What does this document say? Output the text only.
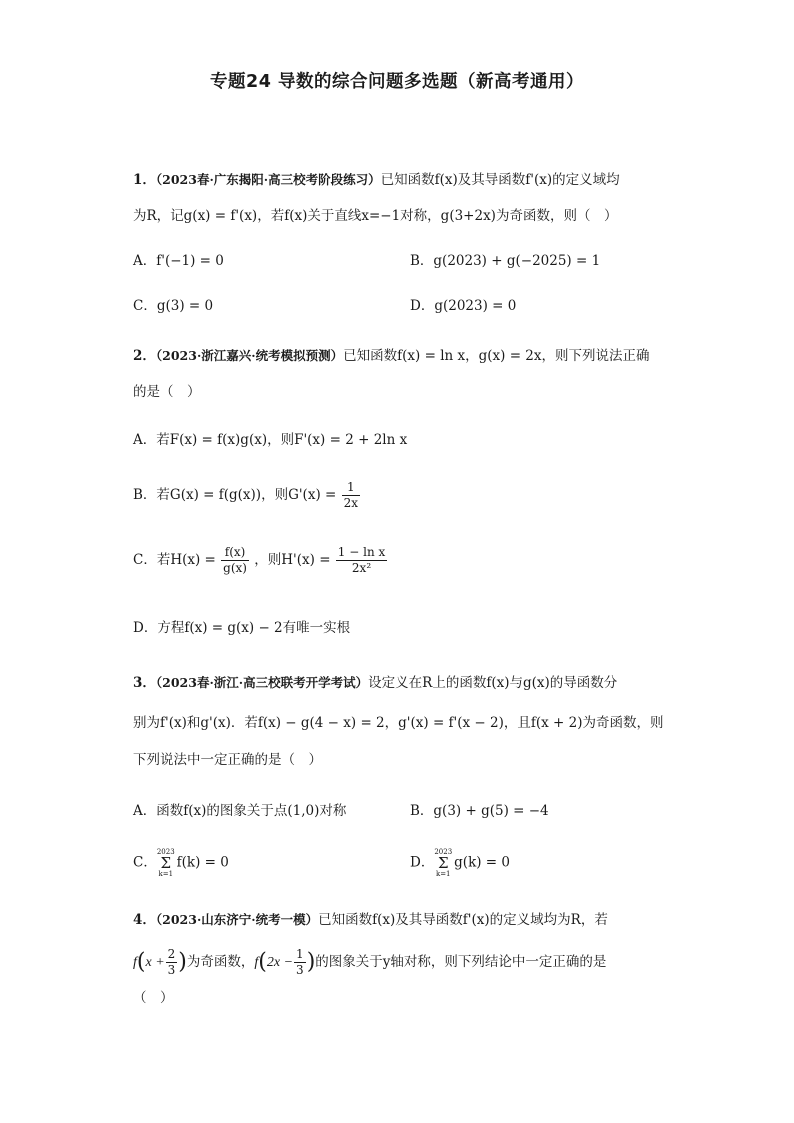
专题24 导数的综合问题多选题（新高考通用）
1．（2023春·广东揭阳·高三校考阶段练习）已知函数f(x)及其导函数f'(x)的定义域均
为R，记g(x) = f'(x)，若f(x)关于直线x=−1对称，g(3+2x)为奇函数，则（　）
A．f'(−1) = 0	B．g(2023) + g(−2025) = 1
C．g(3) = 0	D．g(2023) = 0
2．（2023·浙江嘉兴·统考模拟预测）已知函数f(x) = ln x，g(x) = 2x，则下列说法正确
的是（　）
A．若F(x) = f(x)g(x)，则F'(x) = 2 + 2ln x
B．若G(x) = f(g(x))，则$G'(x) = \frac{1}{2x}$
C．若$H(x) = \frac{f(x)}{g(x)}$ ，则$H'(x) = \frac{\text{1 − ln x}}{\text{2x²}}$
D．方程f(x) = g(x) − 2有唯一实根
3．（2023春·浙江·高三校联考开学考试）设定义在R上的函数f(x)与g(x)的导函数分
别为f'(x)和g'(x)．若f(x) − g(4 − x) = 2，g'(x) = f'(x − 2)，且f(x + 2)为奇函数，则
下列说法中一定正确的是（　）
A．函数f(x)的图象关于点(1,0)对称	B．g(3) + g(5) = −4
C．2023
Σ
k=1f(k) = 0	D．2023
Σ
k=1g(k) = 0
4．（2023·山东济宁·统考一模）已知函数f(x)及其导函数f'(x)的定义域均为R，若
$f(x + \frac{2}{3}$ )为奇函数，$f(2x - \frac{1}{3}$ )的图象关于y轴对称，则下列结论中一定正确的是
（　）
